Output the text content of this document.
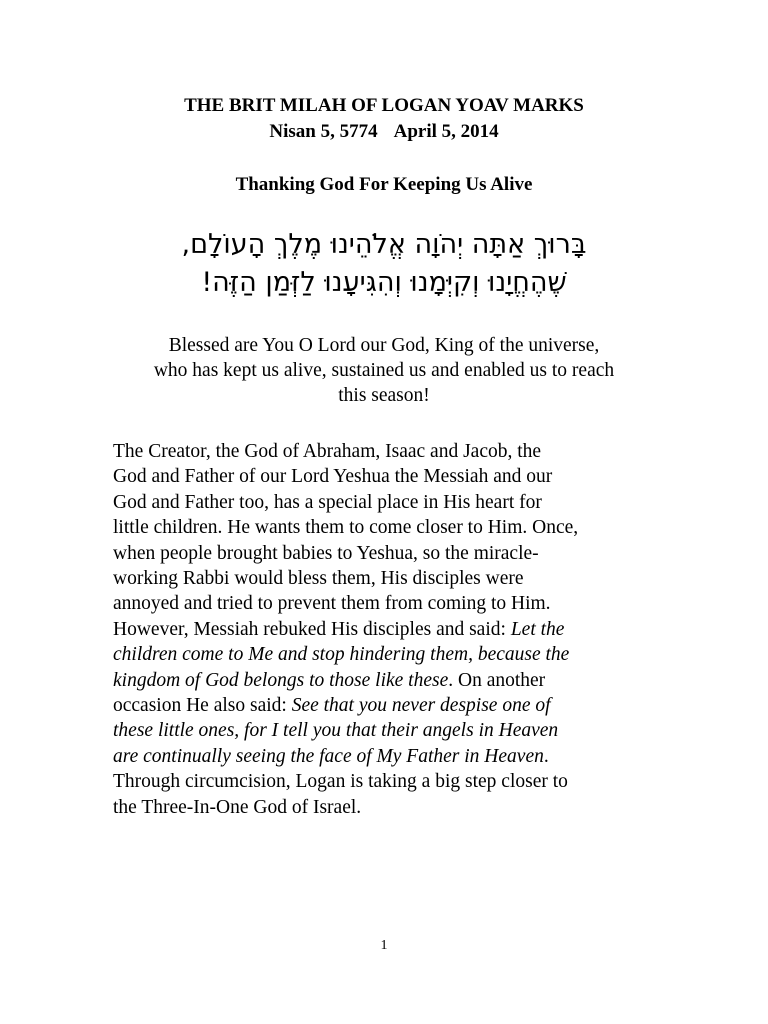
THE BRIT MILAH OF LOGAN YOAV MARKS
Nisan 5, 5774 April 5, 2014
Thanking God For Keeping Us Alive
בָּרוּךְ אַתָּה יְהֹוָה אֱלֹהֵינוּ מֶלֶךְ הָעוֹלָם,
שֶׁהֶחֱיָנוּ וְקִיְּמָנוּ וְהִגִּיעָנוּ לַזְּמַן הַזֶּה!
Blessed are You O Lord our God, King of the universe,
who has kept us alive, sustained us and enabled us to reach
this season!
The Creator, the God of Abraham, Isaac and Jacob, the
God and Father of our Lord Yeshua the Messiah and our
God and Father too, has a special place in His heart for
little children. He wants them to come closer to Him. Once,
when people brought babies to Yeshua, so the miracle-
working Rabbi would bless them, His disciples were
annoyed and tried to prevent them from coming to Him.
However, Messiah rebuked His disciples and said: Let the
children come to Me and stop hindering them, because the
kingdom of God belongs to those like these. On another
occasion He also said: See that you never despise one of
these little ones, for I tell you that their angels in Heaven
are continually seeing the face of My Father in Heaven.
Through circumcision, Logan is taking a big step closer to
the Three-In-One God of Israel.
1
